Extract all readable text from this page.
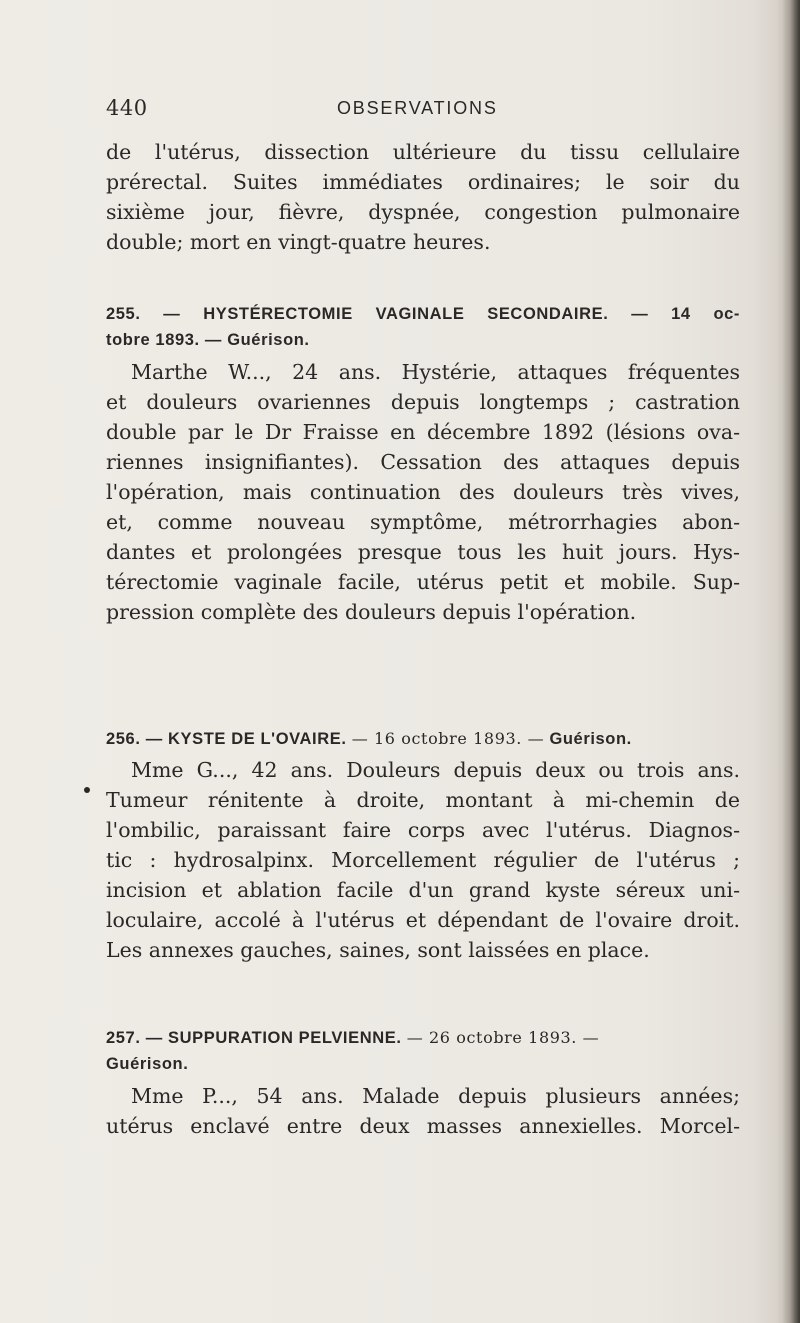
440	OBSERVATIONS
de l'utérus, dissection ultérieure du tissu cellulaire
prérectal. Suites immédiates ordinaires; le soir du
sixième jour, fièvre, dyspnée, congestion pulmonaire
double; mort en vingt-quatre heures.
255. — HYSTÉRECTOMIE VAGINALE SECONDAIRE. — 14 oc-
tobre 1893. — Guérison.
Marthe W..., 24 ans. Hystérie, attaques fréquentes
et douleurs ovariennes depuis longtemps ; castration
double par le Dr Fraisse en décembre 1892 (lésions ova-
riennes insignifiantes). Cessation des attaques depuis
l'opération, mais continuation des douleurs très vives,
et, comme nouveau symptôme, métrorrhagies abon-
dantes et prolongées presque tous les huit jours. Hys-
térectomie vaginale facile, utérus petit et mobile. Sup-
pression complète des douleurs depuis l'opération.
256. — KYSTE DE L'OVAIRE. — 16 octobre 1893. — Guérison.
Mme G..., 42 ans. Douleurs depuis deux ou trois ans.
Tumeur rénitente à droite, montant à mi-chemin de
l'ombilic, paraissant faire corps avec l'utérus. Diagnos-
tic : hydrosalpinx. Morcellement régulier de l'utérus ;
incision et ablation facile d'un grand kyste séreux uni-
loculaire, accolé à l'utérus et dépendant de l'ovaire droit.
Les annexes gauches, saines, sont laissées en place.
257. — SUPPURATION PELVIENNE. — 26 octobre 1893. —
Guérison.
Mme P..., 54 ans. Malade depuis plusieurs années;
utérus enclavé entre deux masses annexielles. Morcel-
